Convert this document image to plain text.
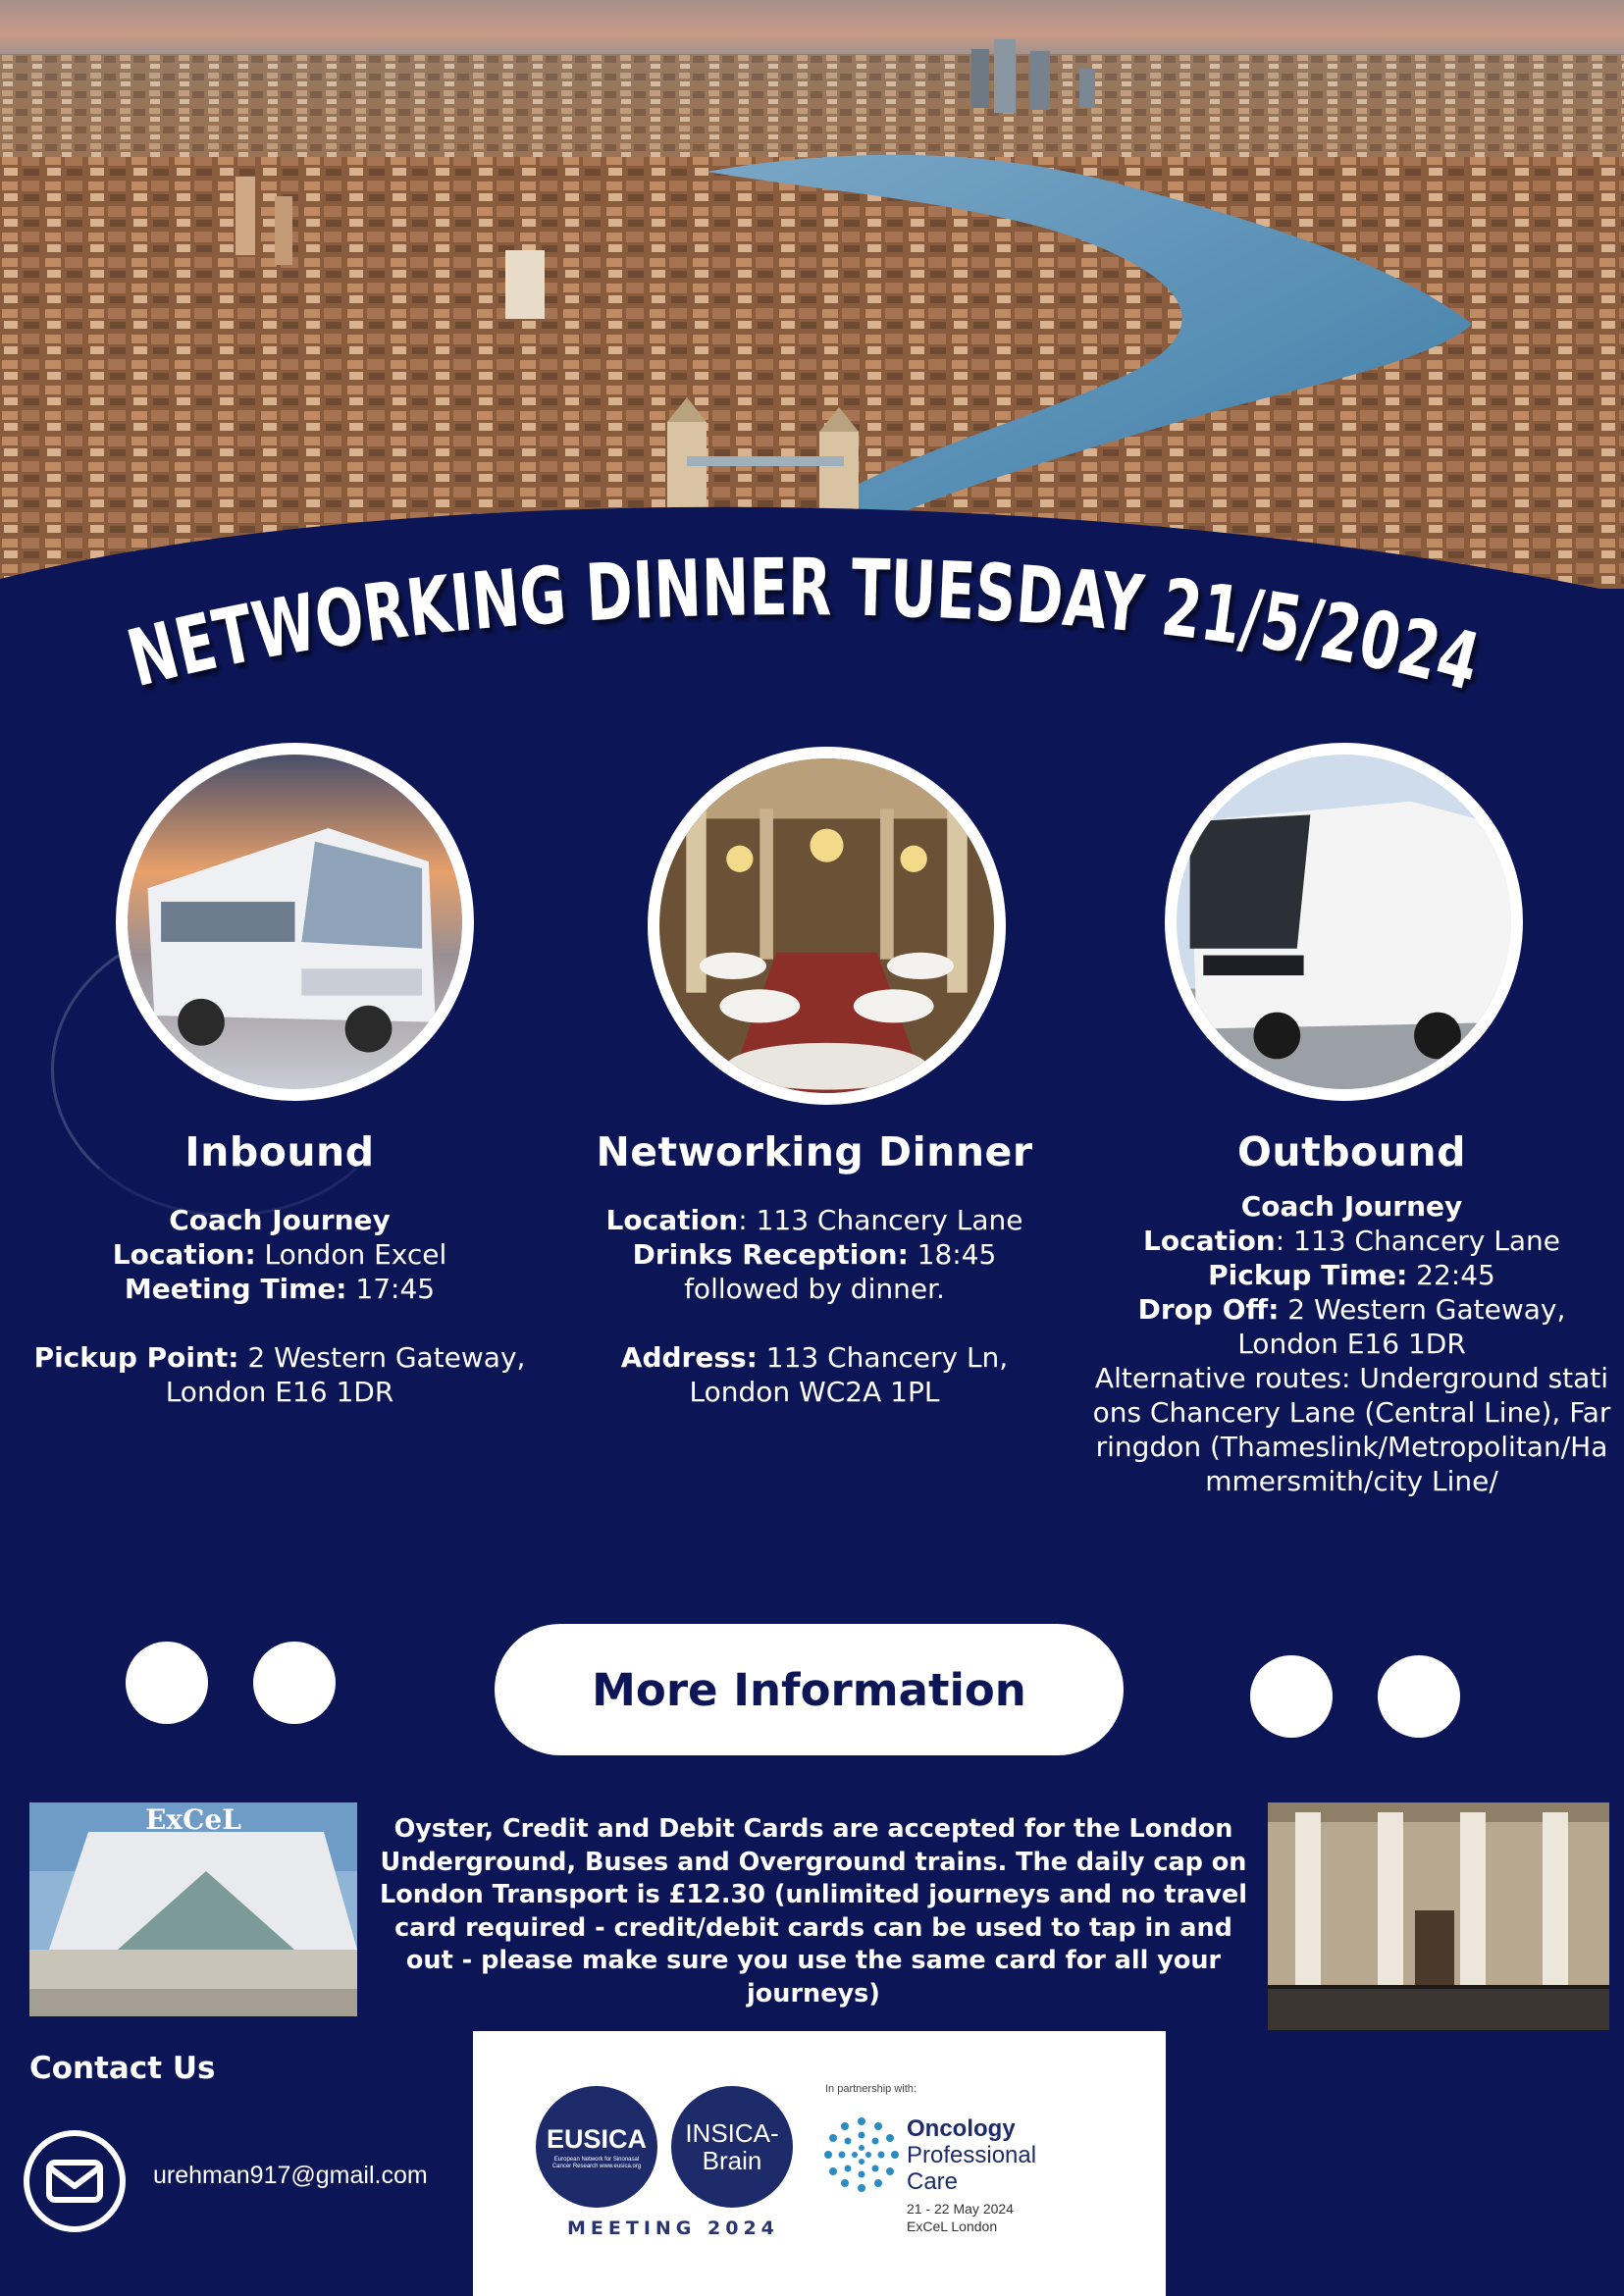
NETWORKING DINNER TUESDAY 21/5/2024
Inbound

Coach Journey

Location: London Excel

Meeting Time: 17:45

Pickup Point: 2 Western Gateway, London E16 1DR

Networking Dinner

Location: 113 Chancery Lane

Drinks Reception: 18:45

followed by dinner.

Address: 113 Chancery Ln, London WC2A 1PL

Outbound

Coach Journey

Location: 113 Chancery Lane

Pickup Time: 22:45

Drop Off: 2 Western Gateway, London E16 1DR

Alternative routes: Underground stations Chancery Lane (Central Line), Farringdon (Thameslink/Metropolitan/Hammersmith/city Line/

More Information
ExCeL	Oyster, Credit and Debit Cards are accepted for the London Underground, Buses and Overground trains. The daily cap on London Transport is £12.30 (unlimited journeys and no travel card required - credit/debit cards can be used to tap in and out - please make sure you use the same card for all your journeys)
Contact Us
urehman917@gmail.com
EUSICA
European Network for Sinonasal Cancer Research www.eusica.org
INSICA-
Brain
MEETING 2024
In partnership with:
Oncology
Professional
Care
21 - 22 May 2024
ExCeL London
